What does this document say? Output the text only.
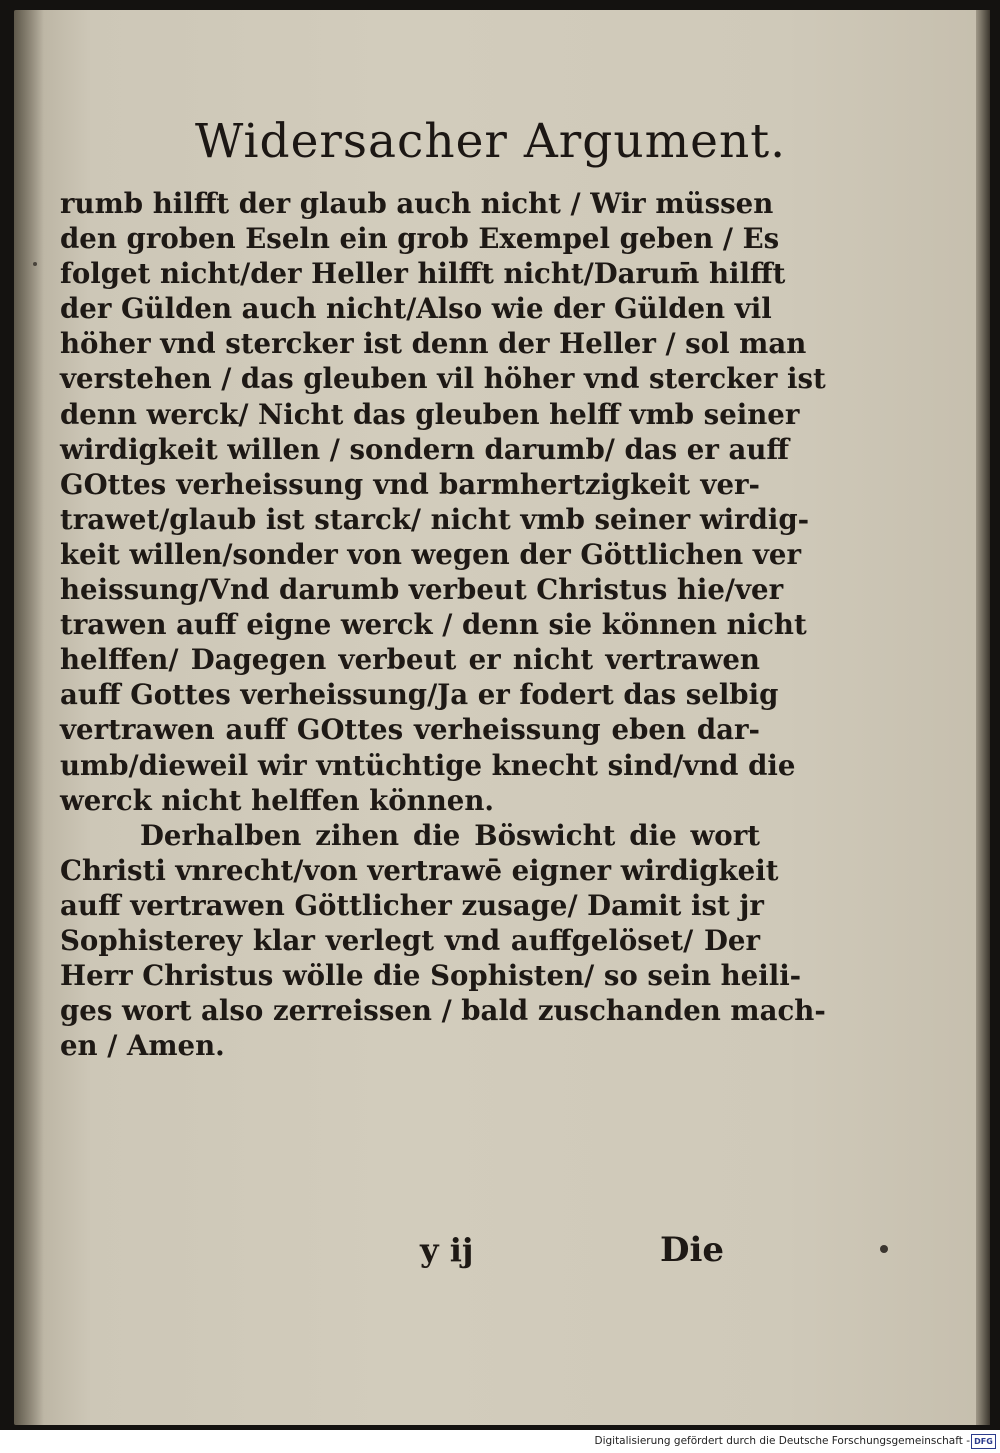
Widersacher Argument.
rumb hilfft der glaub auch nicht / Wir müssen
den groben Eseln ein grob Exempel geben / Es
folget nicht/der Heller hilfft nicht/Darum̄ hilfft
der Gülden auch nicht/Also wie der Gülden vil
höher vnd stercker ist denn der Heller / sol man
verstehen / das gleuben vil höher vnd stercker ist
denn werck/ Nicht das gleuben helff vmb seiner
wirdigkeit willen / sondern darumb/ das er auff
GOttes verheissung vnd barmhertzigkeit ver-
trawet/glaub ist starck/ nicht vmb seiner wirdig-
keit willen/sonder von wegen der Göttlichen ver
heissung/Vnd darumb verbeut Christus hie/ver
trawen auff eigne werck / denn sie können nicht
helffen/ Dagegen verbeut er nicht vertrawen
auff Gottes verheissung/Ja er fodert das selbig
vertrawen auff GOttes verheissung eben dar-
umb/dieweil wir vntüchtige knecht sind/vnd die
werck nicht helffen können.
Derhalben zihen die Böswicht die wort
Christi vnrecht/von vertrawē eigner wirdigkeit
auff vertrawen Göttlicher zusage/ Damit ist jr
Sophisterey klar verlegt vnd auffgelöset/ Der
Herr Christus wölle die Sophisten/ so sein heili-
ges wort also zerreissen / bald zuschanden mach-
en / Amen.
y ij	Die
Digitalisierung gefördert durch die Deutsche Forschungsgemeinschaft - DFG
